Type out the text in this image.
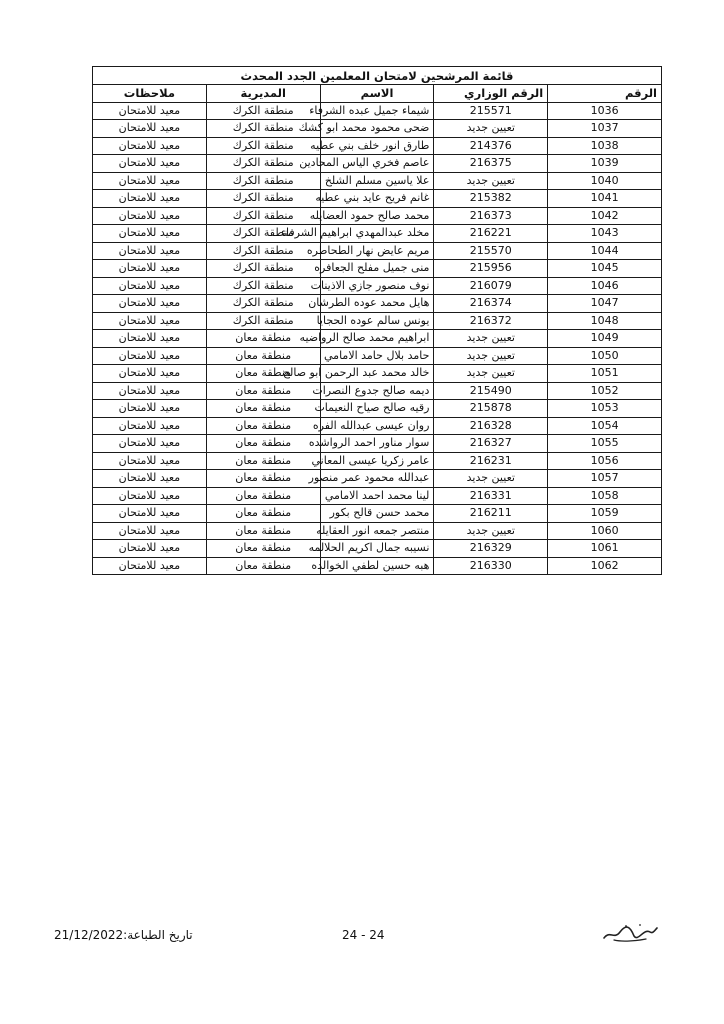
قائمة المرشحين لامتحان المعلمين الجدد المحدث				
الرقم	الرقم الوزاري	الاسم	المديرية	ملاحظات
1036	215571	شيماء جميل عبده الشرفاء	منطقة الكرك	معيد للامتحان
1037	تعيين جديد	ضحى محمود محمد ابو كشك	منطقة الكرك	معيد للامتحان
1038	214376	طارق انور خلف بني عطيه	منطقة الكرك	معيد للامتحان
1039	216375	عاصم فخري الياس المحادين	منطقة الكرك	معيد للامتحان
1040	تعيين جديد	علا ياسين مسلم الشلخ	منطقة الكرك	معيد للامتحان
1041	215382	غانم فريح عايد بني عطيه	منطقة الكرك	معيد للامتحان
1042	216373	محمد صالح حمود العضايله	منطقة الكرك	معيد للامتحان
1043	216221	مخلد عبدالمهدي ابراهيم الشرفاء	منطقة الكرك	معيد للامتحان
1044	215570	مريم عايض نهار الطحاطره	منطقة الكرك	معيد للامتحان
1045	215956	منى جميل مفلح الجعافره	منطقة الكرك	معيد للامتحان
1046	216079	نوف منصور جازي الاذينات	منطقة الكرك	معيد للامتحان
1047	216374	هايل محمد عوده الطرشان	منطقة الكرك	معيد للامتحان
1048	216372	يونس سالم عوده الحجايا	منطقة الكرك	معيد للامتحان
1049	تعيين جديد	ابراهيم محمد صالح الرواضيه	منطقة معان	معيد للامتحان
1050	تعيين جديد	حامد بلال حامد الامامي	منطقة معان	معيد للامتحان
1051	تعيين جديد	خالد محمد عبد الرحمن ابو صالح	منطقة معان	معيد للامتحان
1052	215490	ديمه صالح جدوع النصرات	منطقة معان	معيد للامتحان
1053	215878	رقيه صالح صياح النعيمات	منطقة معان	معيد للامتحان
1054	216328	روان عيسى عبدالله الفره	منطقة معان	معيد للامتحان
1055	216327	سوار مناور احمد الرواشده	منطقة معان	معيد للامتحان
1056	216231	عامر زكريا عيسى المعاني	منطقة معان	معيد للامتحان
1057	تعيين جديد	عبدالله محمود عمر منصور	منطقة معان	معيد للامتحان
1058	216331	لينا محمد احمد الامامي	منطقة معان	معيد للامتحان
1059	216211	محمد حسن قالح بكور	منطقة معان	معيد للامتحان
1060	تعيين جديد	منتصر جمعه انور العقايله	منطقة معان	معيد للامتحان
1061	216329	نسيبه جمال اكريم الحلالمه	منطقة معان	معيد للامتحان
1062	216330	هبه حسين لطفي الخوالده	منطقة معان	معيد للامتحان
تاريخ الطباعة:21/12/2022	24 - 24
